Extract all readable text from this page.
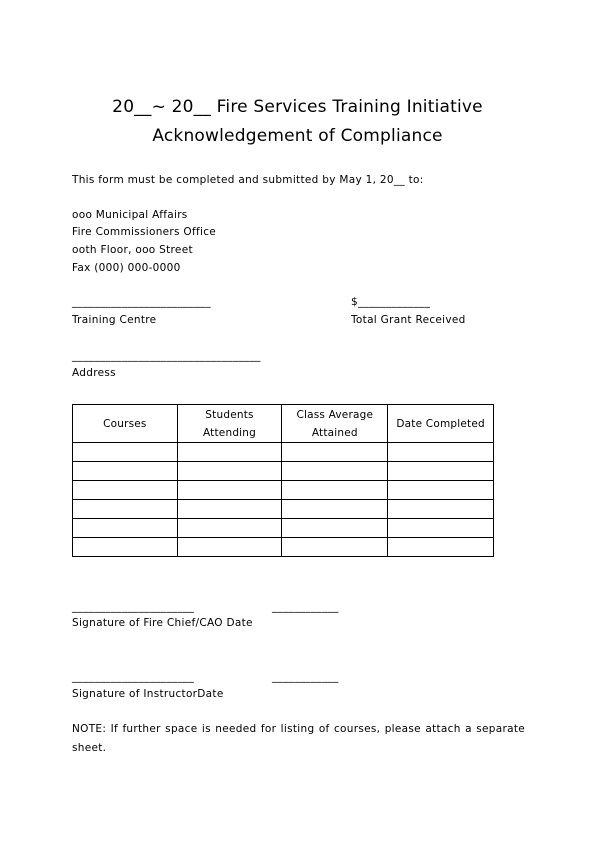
20__~ 20__ Fire Services Training Initiative
Acknowledgement of Compliance
This form must be completed and submitted by May 1, 20__ to:
ooo Municipal Affairs
Fire Commissioners Office
ooth Floor, ooo Street
Fax (000) 000-0000
_________________________
Training Centre
$_____________
Total Grant Received
__________________________________
Address
Courses	Students Attending	Class Average Attained	Date Completed

______________________	____________
Signature of Fire Chief/CAO Date
______________________	____________
Signature of InstructorDate
NOTE: If further space is needed for listing of courses, please attach a separate
sheet.
